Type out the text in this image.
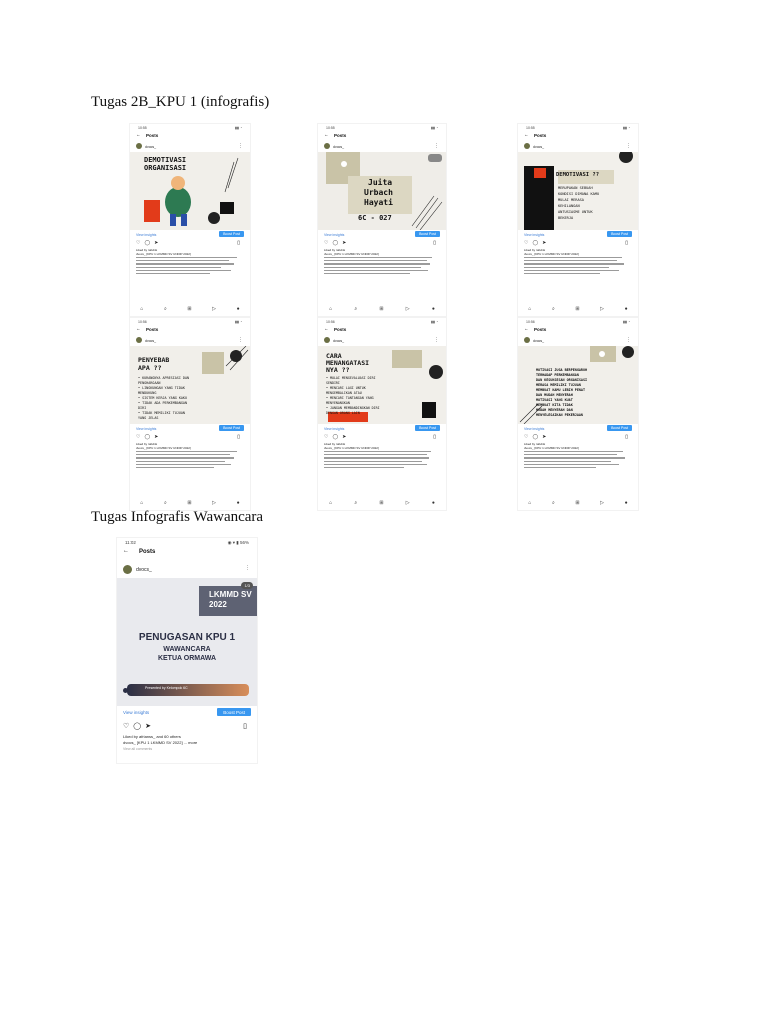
Tugas 2B_KPU 1 (infografis)
10:55	▮▮ ◔
← Posts
dvocs_	⋮
DEMOTIVASI
ORGANISASI
View insights	Boost Post
♡ ◯ ➤	▯
Liked by rabdnk
dvocs_ [KPU 1 LKMMD SV UNDIP 2022]
⌂	⌕	⊞	▷	●
10:55	▮▮ ◔
← Posts
dvocs_	⋮
Juita
Urbach
Hayati
6C - 027
View insights	Boost Post
♡ ◯ ➤	▯
Liked by rabdnk
dvocs_ [KPU 1 LKMMD SV UNDIP 2022]
⌂	⌕	⊞	▷	●
10:55	▮▮ ◔
← Posts
dvocs_	⋮
DEMOTIVASI ??
MERUPAKAN SEBUAH
KONDISI DIMANA KAMU
MULAI MERASA
KEHILANGAN
ANTUSIASME UNTUK
BEKERJA
View insights	Boost Post
♡ ◯ ➤	▯
Liked by rabdnk
dvocs_ [KPU 1 LKMMD SV UNDIP 2022]
⌂	⌕	⊞	▷	●
10:56	▮▮ ◔
← Posts
dvocs_	⋮
PENYEBAB
APA ??
• KURANGNYA APRESIASI DAN
PENGHARGAAN
• LINGKUNGAN YANG TIDAK
MENDUKUNG
• SISTEM KERJA YANG KAKU
• TIDAK ADA PERKEMBANGAN
DIRI
• TIDAK MEMILIKI TUJUAN
YANG JELAS
View insights	Boost Post
♡ ◯ ➤	▯
Liked by rabdnk
dvocs_ [KPU 1 LKMMD SV UNDIP 2022]
⌂	⌕	⊞	▷	●
10:56	▮▮ ◔
← Posts
dvocs_	⋮
CARA
MENANGATASI
NYA ??
• MULAI MENGEVALUASI DIRI
SENDIRI
• MENCARI LAGI UNTUK
MENGEMBALIKAN ATAU
• MENCARI TANTANGAN YANG
MENYENANGKAN
• JANGAN MEMBANDINGKAN DIRI
DENGAN ORANG LAIN
View insights	Boost Post
♡ ◯ ➤	▯
Liked by rabdnk
dvocs_ [KPU 1 LKMMD SV UNDIP 2022]
⌂	⌕	⊞	▷	●
10:56	▮▮ ◔
← Posts
dvocs_	⋮
MOTIVASI JUGA BERPENGARUH
TERHADAP PERKEMBANGAN
DAN KESUKSESAN ORGANISASI
MERASA MEMILIKI TUJUAN
MEMBUAT KAMU LEBIH PENAT
DAN MUDAH MENYERAH
MOTIVASI YANG KUAT
MEMBUAT KITA TIDAK
MUDAH MENYERAH DAN
MENYELESAIKAN PEKERJAAN
View insights	Boost Post
♡ ◯ ➤	▯
Liked by rabdnk
dvocs_ [KPU 1 LKMMD SV UNDIP 2022]
⌂	⌕	⊞	▷	●
Tugas Infografis Wawancara
11:02	◉ ▾ ▮ 56%
← Posts
dvocs_	⋮
1/3
LKMMD SV
2022
PENUGASAN KPU 1
WAWANCARA
KETUA ORMAWA
Presented by Kelompok 6C
View insights	Boost Post
♡ ◯ ➤	▯
Liked by afrianss_ and 60 others
dvocs_ [KPU 1 LKMMD SV 2022] ... more
View all comments
